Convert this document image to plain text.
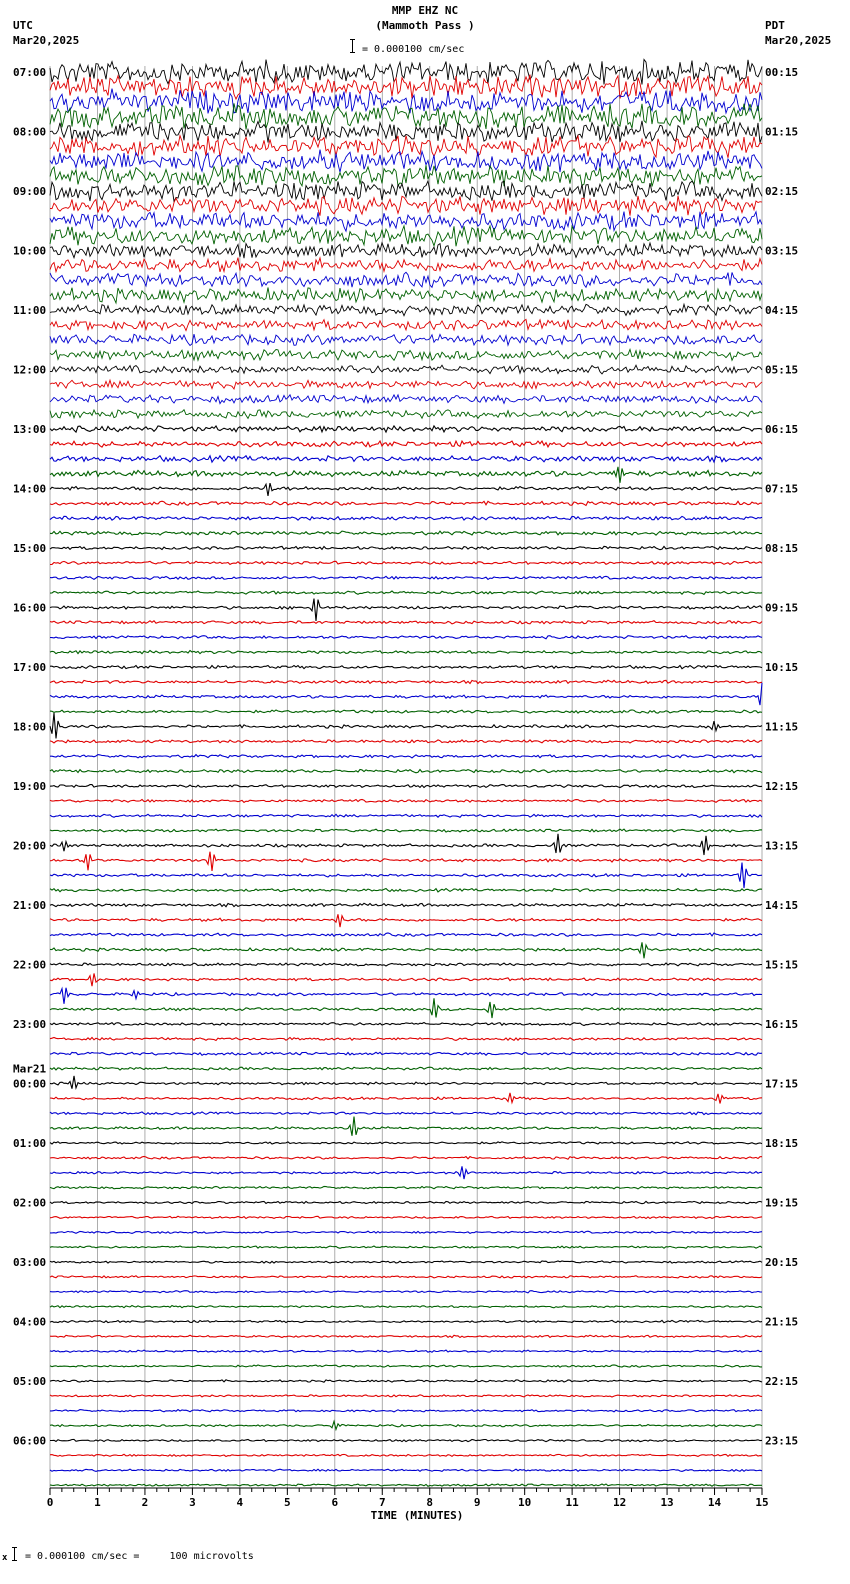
MMP EHZ NC
(Mammoth Pass )
= 0.000100 cm/sec
UTC
Mar20,2025
PDT
Mar20,2025
07:00
08:00
09:00
10:00
11:00
12:00
13:00
14:00
15:00
16:00
17:00
18:00
19:00
20:00
21:00
22:00
23:00
00:00
Mar21
01:00
02:00
03:00
04:00
05:00
06:00
00:15
01:15
02:15
03:15
04:15
05:15
06:15
07:15
08:15
09:15
10:15
11:15
12:15
13:15
14:15
15:15
16:15
17:15
18:15
19:15
20:15
21:15
22:15
23:15
0	1	2	3	4	5	6	7	8	9	10	11	12	13	14	15
TIME (MINUTES)
x = 0.000100 cm/sec =     100 microvolts
